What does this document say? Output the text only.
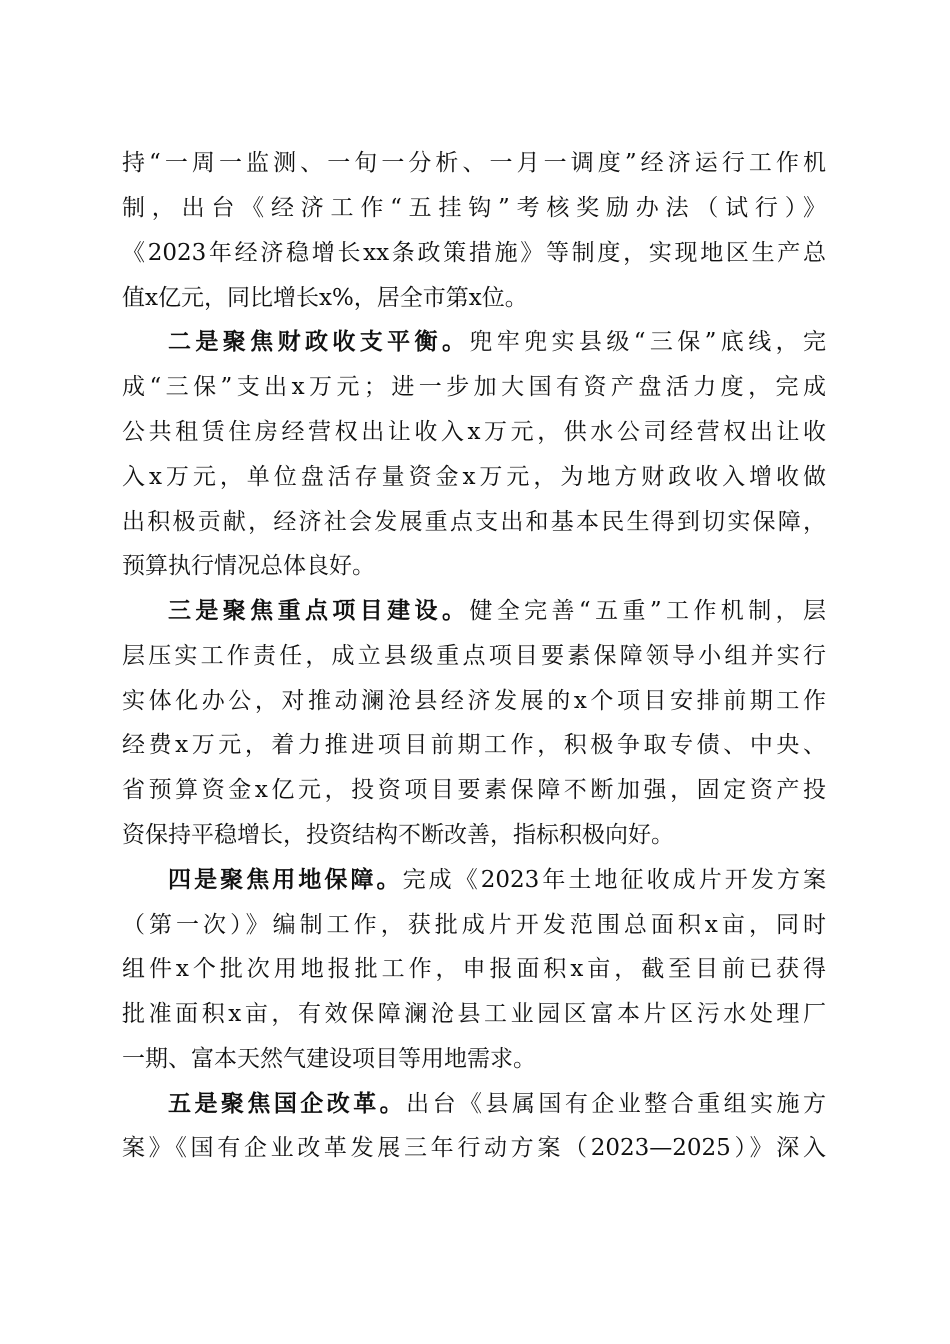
持“一周一监测、一旬一分析、一月一调度”经济运行工作机
制，出台《经济工作“五挂钩”考核奖励办法（试行）》
《2023年经济稳增长xx条政策措施》等制度，实现地区生产总
值x亿元，同比增长x%，居全市第x位。
二是聚焦财政收支平衡。兜牢兜实县级“三保”底线，完
成“三保”支出x万元；进一步加大国有资产盘活力度，完成
公共租赁住房经营权出让收入x万元，供水公司经营权出让收
入x万元，单位盘活存量资金x万元，为地方财政收入增收做
出积极贡献，经济社会发展重点支出和基本民生得到切实保障，
预算执行情况总体良好。
三是聚焦重点项目建设。健全完善“五重”工作机制，层
层压实工作责任，成立县级重点项目要素保障领导小组并实行
实体化办公，对推动澜沧县经济发展的x个项目安排前期工作
经费x万元，着力推进项目前期工作，积极争取专债、中央、
省预算资金x亿元，投资项目要素保障不断加强，固定资产投
资保持平稳增长，投资结构不断改善，指标积极向好。
四是聚焦用地保障。完成《2023年土地征收成片开发方案
（第一次）》编制工作，获批成片开发范围总面积x亩，同时
组件x个批次用地报批工作，申报面积x亩，截至目前已获得
批准面积x亩，有效保障澜沧县工业园区富本片区污水处理厂
一期、富本天然气建设项目等用地需求。
五是聚焦国企改革。出台《县属国有企业整合重组实施方
案》《国有企业改革发展三年行动方案（2023—2025）》深入
